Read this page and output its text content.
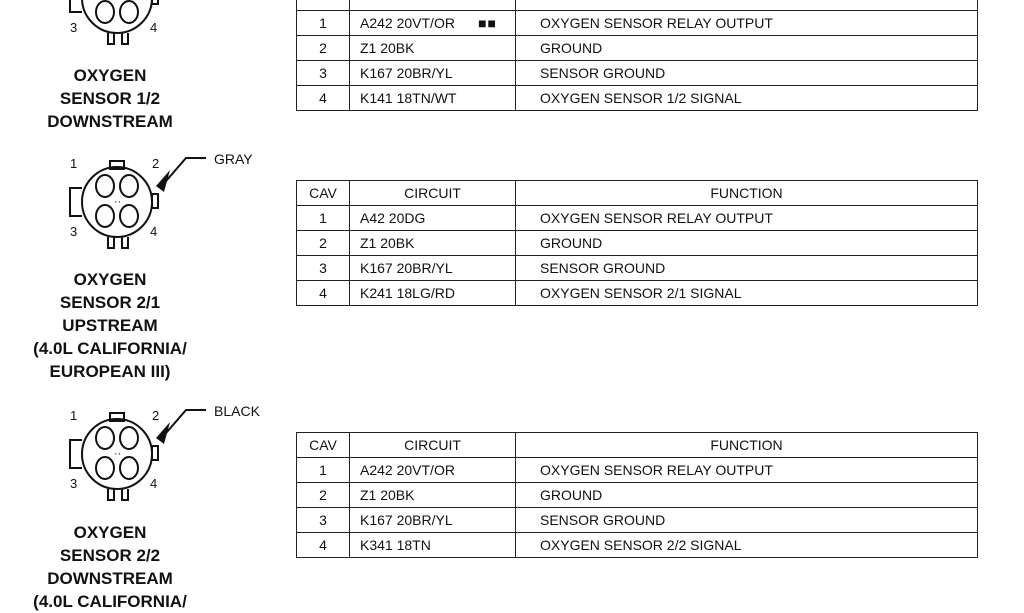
3	4
OXYGEN
SENSOR 1/2
DOWNSTREAM

1	A242 20VT/OR ■■	OXYGEN SENSOR RELAY OUTPUT
2	Z1 20BK	GROUND
3	K167 20BR/YL	SENSOR GROUND
4	K141 18TN/WT	OXYGEN SENSOR 1/2 SIGNAL
··
1	2
3	4
GRAY
OXYGEN
SENSOR 2/1
UPSTREAM
(4.0L CALIFORNIA/
EUROPEAN III)
CAV	CIRCUIT	FUNCTION
1	A42 20DG	OXYGEN SENSOR RELAY OUTPUT
2	Z1 20BK	GROUND
3	K167 20BR/YL	SENSOR GROUND
4	K241 18LG/RD	OXYGEN SENSOR 2/1 SIGNAL
··
1	2
3	4
BLACK
OXYGEN
SENSOR 2/2
DOWNSTREAM
(4.0L CALIFORNIA/
CAV	CIRCUIT	FUNCTION
1	A242 20VT/OR	OXYGEN SENSOR RELAY OUTPUT
2	Z1 20BK	GROUND
3	K167 20BR/YL	SENSOR GROUND
4	K341 18TN	OXYGEN SENSOR 2/2 SIGNAL
